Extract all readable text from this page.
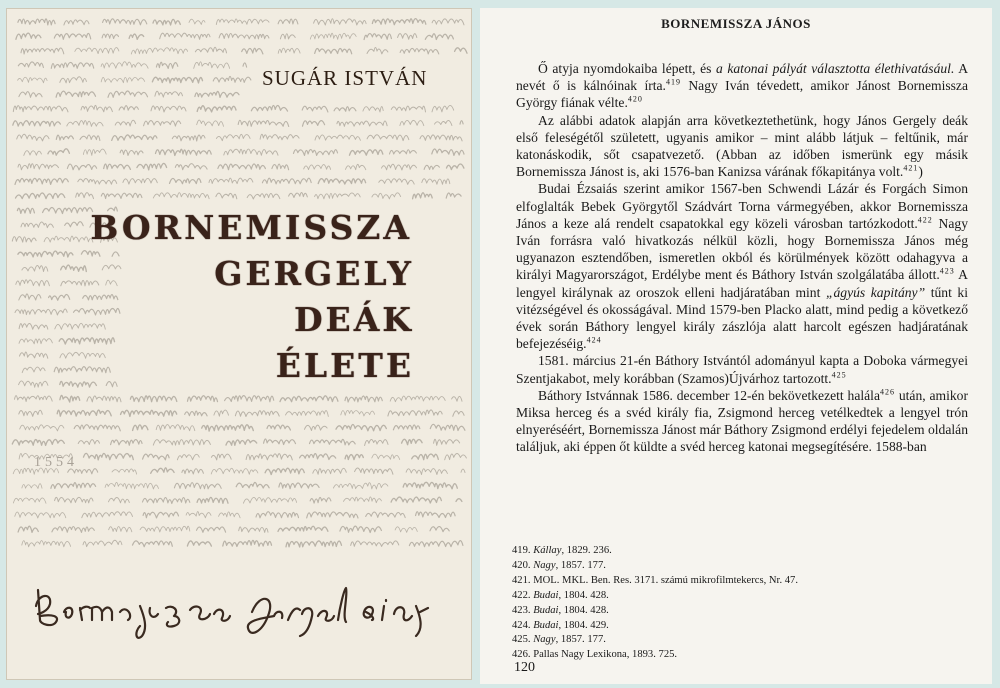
1554
SUGÁR ISTVÁN
BORNEMISSZA
GERGELY
DEÁK
ÉLETE
BORNEMISSZA JÁNOS

Ő atyja nyomdokaiba lépett, és a katonai pályát választotta élethivatásául. A nevét ő is kálnóinak írta.$^{419}$ Nagy Iván tévedett, amikor Jánost Bornemissza György fiának vélte.$^{420}$

Az alábbi adatok alapján arra következtethetünk, hogy János Gergely deák első feleségétől született, ugyanis amikor – mint alább látjuk – feltűnik, már katonáskodik, sőt csapatvezető. (Abban az időben ismerünk egy másik Bornemissza Jánost is, aki 1576-ban Kanizsa várának főkapitánya volt.$^{421}$)

Budai Ézsaiás szerint amikor 1567-ben Schwendi Lázár és Forgách Simon elfoglalták Bebek Györgytől Szádvárt Torna vármegyében, akkor Bornemissza János a keze alá rendelt csapatokkal egy közeli városban tartózkodott.$^{422}$ Nagy Iván forrásra való hivatkozás nélkül közli, hogy Bornemissza János még ugyanazon esztendőben, ismeretlen okból és körülmények között odahagyva a királyi Magyarországot, Erdélybe ment és Báthory István szolgálatába állott.$^{423}$ A lengyel királynak az oroszok elleni hadjáratában mint „ágyús kapitány” tűnt ki vitézségével és okosságával. Mind 1579-ben Placko alatt, mind pedig a következő évek során Báthory lengyel király zászlója alatt harcolt egészen hadjáratának befejezéséig.$^{424}$

1581. március 21-én Báthory Istvántól adományul kapta a Doboka vármegyei Szentjakabot, mely korábban (Szamos)Újvárhoz tartozott.$^{425}$

Báthory Istvánnak 1586. december 12-én bekövetkezett halála$^{426}$ után, amikor Miksa herceg és a svéd király fia, Zsigmond herceg vetélkedtek a lengyel trón elnyeréséért, Bornemissza Jánost már Báthory Zsigmond erdélyi fejedelem oldalán találjuk, aki éppen őt küldte a svéd herceg katonai megsegítésére. 1588-ban

419. Kállay, 1829. 236.
420. Nagy, 1857. 177.
421. MOL. MKL. Ben. Res. 3171. számú mikrofilmtekercs, Nr. 47.
422. Budai, 1804. 428.
423. Budai, 1804. 428.
424. Budai, 1804. 429.
425. Nagy, 1857. 177.
426. Pallas Nagy Lexikona, 1893. 725.
120
